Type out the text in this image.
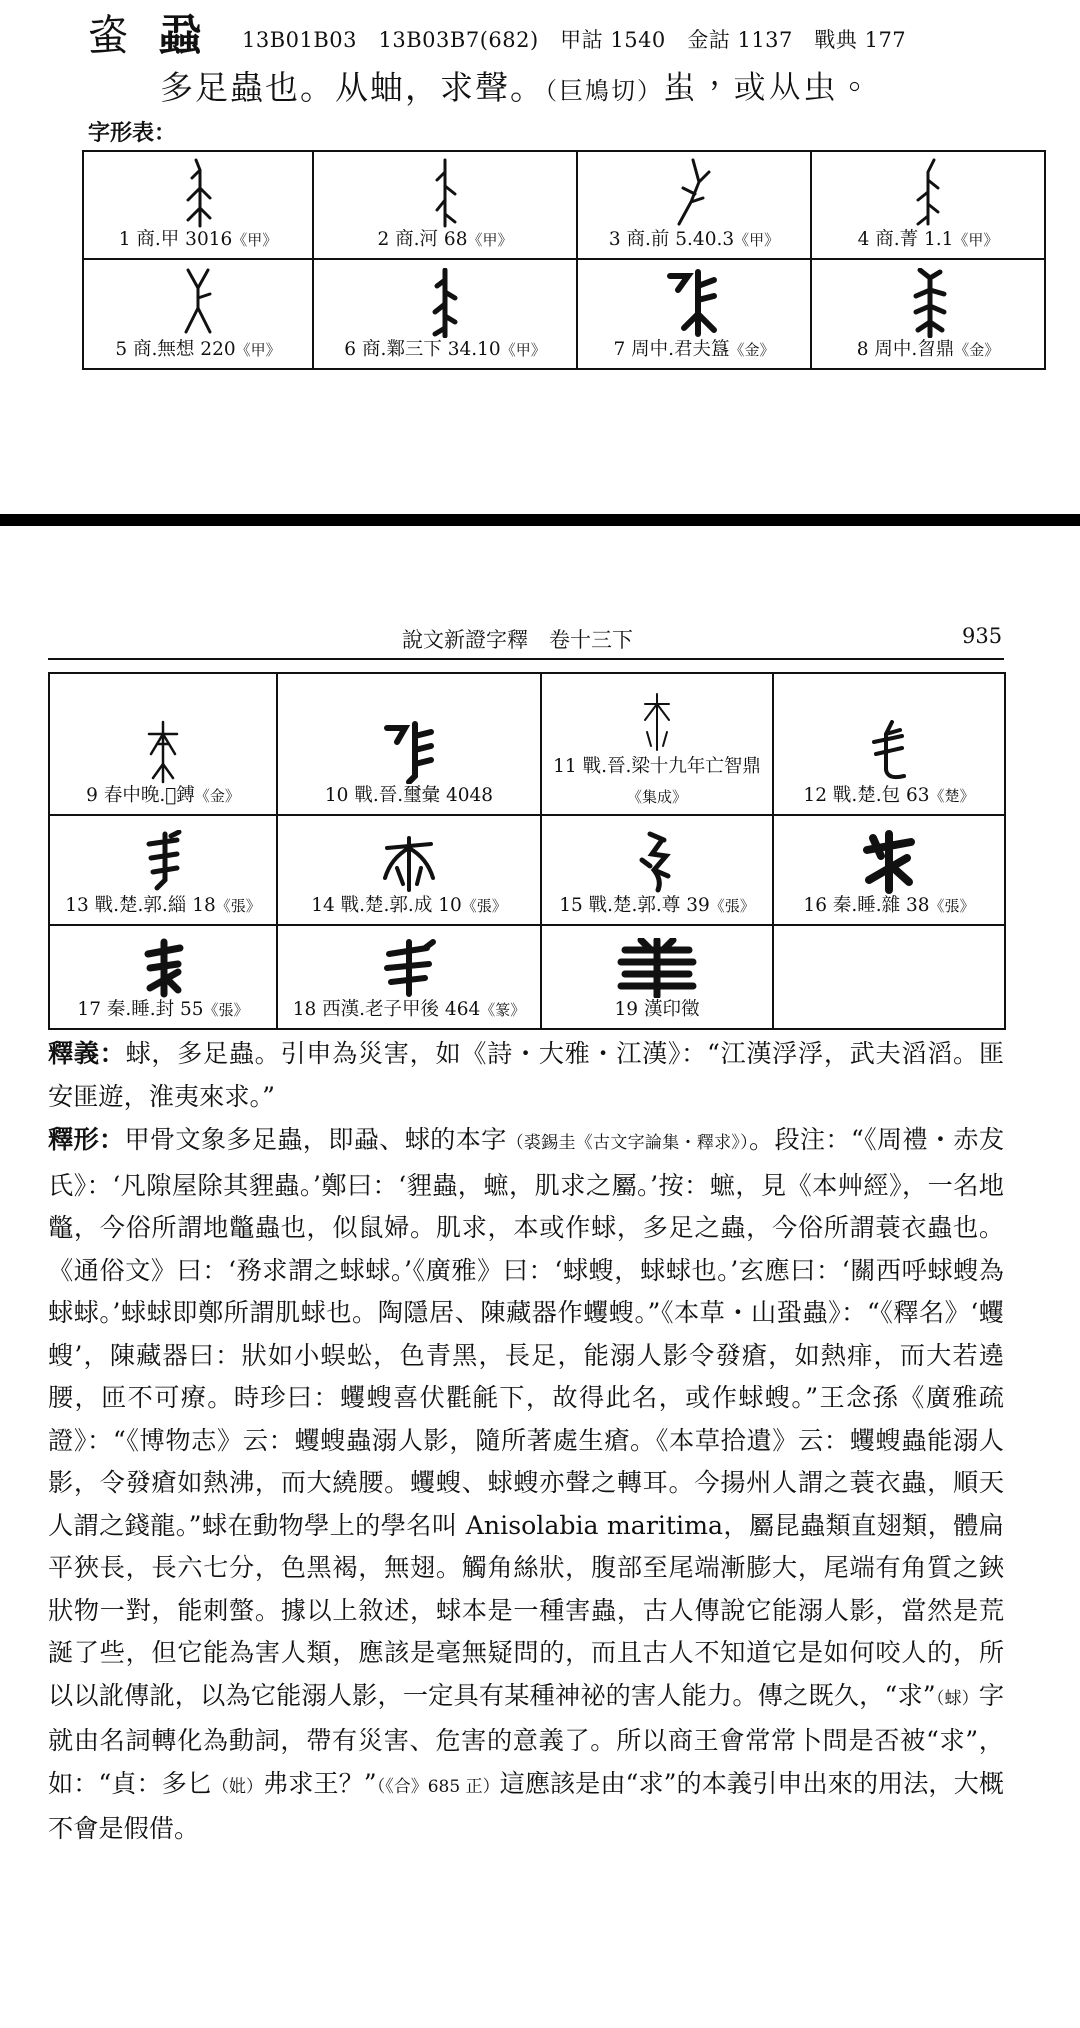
𧊒 蝨 13B01B03　13B03B7(682)　甲詁 1540　金詁 1137　戰典 177
多足蟲也。从蚰，求聲。（巨鳩切）𧈪，或从虫。
字形表：
1 商.甲 3016《甲》	2 商.河 68《甲》	3 商.前 5.40.3《甲》	4 商.菁 1.1《甲》

5 商.無想 220《甲》	6 商.鄴三下 34.10《甲》	7 周中.君夫簋《金》	8 周中.曶鼎《金》
說文新證字釋　卷十三下	935
9 春中晚.𨰼鎛《金》	10 戰.晉.璽彙 4048	11 戰.晉.梁十九年亡智鼎《集成》	12 戰.楚.包 63《楚》

13 戰.楚.郭.緇 18《張》	14 戰.楚.郭.成 10《張》	15 戰.楚.郭.尊 39《張》	16 秦.睡.雜 38《張》

17 秦.睡.封 55《張》	18 西漢.老子甲後 464《篆》	19 漢印徵	

釋義：蛷，多足蟲。引申為災害，如《詩・大雅・江漢》：“江漢浮浮，武夫滔滔。匪安匪遊，淮夷來求。”

釋形：甲骨文象多足蟲，即蝨、蛷的本字（裘錫圭《古文字論集・釋求》）。段注：“《周禮・赤犮氏》：‘凡隙屋除其貍蟲。’鄭曰：‘貍蟲，蟅，肌求之屬。’按：蟅，見《本艸經》，一名地鼈，今俗所謂地鼈蟲也，似鼠婦。肌求，本或作蛷，多足之蟲，今俗所謂蓑衣蟲也。《通俗文》曰：‘務求謂之蛷蛷。’《廣雅》曰：‘蛷螋，蛷蛷也。’玄應曰：‘關西呼蛷螋為蛷蛷。’蛷蛷即鄭所謂肌蛷也。陶隱居、陳藏器作蠼螋。”《本草・山蛩蟲》：“《釋名》‘蠼螋’，陳藏器曰：狀如小蜈蚣，色青黑，長足，能溺人影令發瘡，如熱痱，而大若遶腰，匝不可療。時珍曰：蠼螋喜伏氍毹下，故得此名，或作蛷螋。”王念孫《廣雅疏證》：“《博物志》云：蠼螋蟲溺人影，隨所著處生瘡。《本草拾遺》云：蠼螋蟲能溺人影，令發瘡如熱沸，而大繞腰。蠼螋、蛷螋亦聲之轉耳。今揚州人謂之蓑衣蟲，順天人謂之錢龍。”蛷在動物學上的學名叫 Anisolabia maritima，屬昆蟲類直翅類，體扁平狹長，長六七分，色黑褐，無翅。觸角絲狀，腹部至尾端漸膨大，尾端有角質之鋏狀物一對，能刺螫。據以上敘述，蛷本是一種害蟲，古人傳說它能溺人影，當然是荒誕了些，但它能為害人類，應該是毫無疑問的，而且古人不知道它是如何咬人的，所以以訛傳訛，以為它能溺人影，一定具有某種神祕的害人能力。傳之既久，“求”（蛷）字就由名詞轉化為動詞，帶有災害、危害的意義了。所以商王會常常卜問是否被“求”，如：“貞：多匕（妣）弗求王？”（《合》685 正）這應該是由“求”的本義引申出來的用法，大概不會是假借。
